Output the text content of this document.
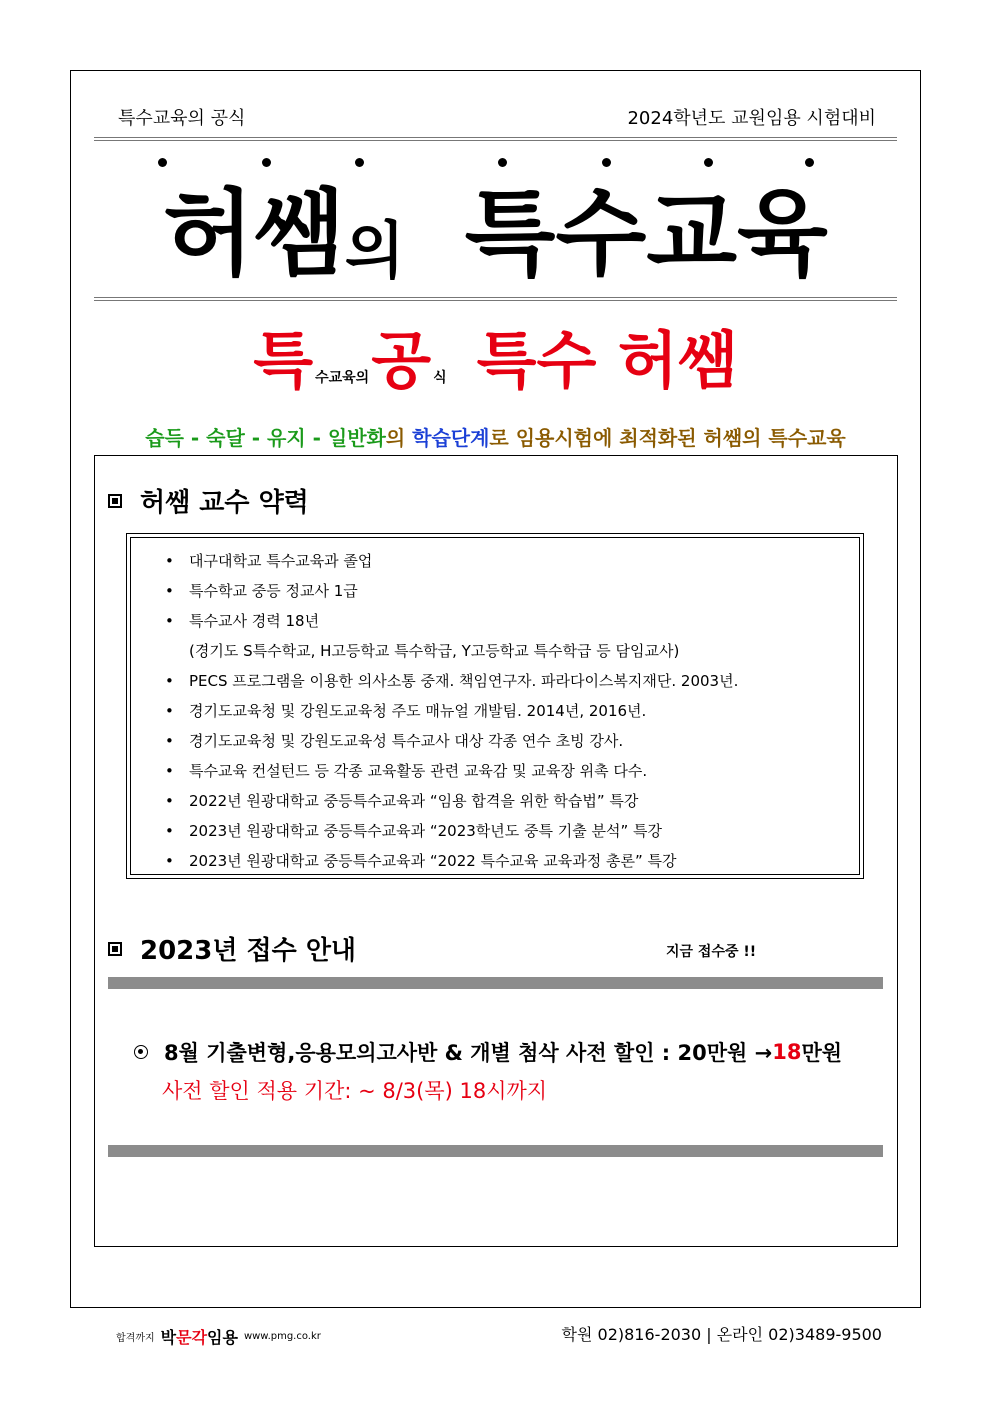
특수교육의 공식	2024학년도 교원임용 시험대비
허쌤의 특수교육
특수교육의공 식 특수 허쌤
습득 - 숙달 - 유지 - 일반화의 학습단계로 임용시험에 최적화된 허쌤의 특수교육
허쌤 교수 약력
• 대구대학교 특수교육과 졸업
• 특수학교 중등 정교사 1급
• 특수교사 경력 18년
(경기도 S특수학교, H고등학교 특수학급, Y고등학교 특수학급 등 담임교사)
• PECS 프로그램을 이용한 의사소통 중재. 책임연구자. 파라다이스복지재단. 2003년.
• 경기도교육청 및 강원도교육청 주도 매뉴얼 개발팀. 2014년, 2016년.
• 경기도교육청 및 강원도교육성 특수교사 대상 각종 연수 초빙 강사.
• 특수교육 컨설턴드 등 각종 교육활동 관련 교육감 및 교육장 위촉 다수.
• 2022년 원광대학교 중등특수교육과 “임용 합격을 위한 학습법” 특강
• 2023년 원광대학교 중등특수교육과 “2023학년도 중특 기출 분석” 특강
• 2023년 원광대학교 중등특수교육과 “2022 특수교육 교육과정 총론” 특강
2023년 접수 안내	지금 접수중 !!
8월 기출변형,응용모의고사반 & 개별 첨삭 사전 할인 : 20만원 → 18 만원
사전 할인 적용 기간: ~ 8/3(목) 18시까지
합격까지 박문각임용 www.pmg.co.kr	학원 02)816-2030 | 온라인 02)3489-9500
